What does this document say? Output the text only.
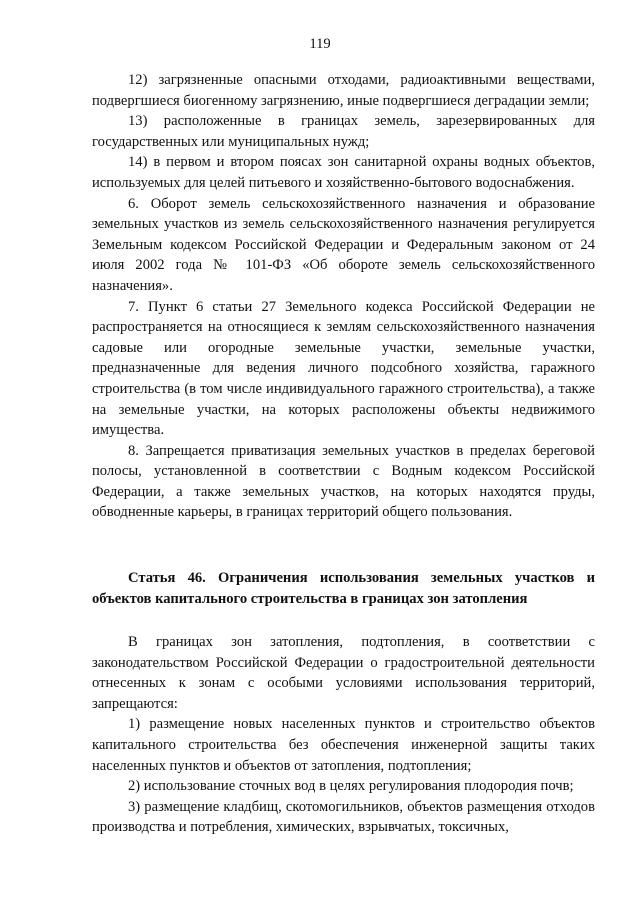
119

12) загрязненные опасными отходами, радиоактивными веществами, подвергшиеся биогенному загрязнению, иные подвергшиеся деградации земли;

13) расположенные в границах земель, зарезервированных для государственных или муниципальных нужд;

14) в первом и втором поясах зон санитарной охраны водных объектов, используемых для целей питьевого и хозяйственно-бытового водоснабжения.

6. Оборот земель сельскохозяйственного назначения и образование земельных участков из земель сельскохозяйственного назначения регулируется Земельным кодексом Российской Федерации и Федеральным законом от 24 июля 2002 года № 101-ФЗ «Об обороте земель сельскохозяйственного назначения».

7. Пункт 6 статьи 27 Земельного кодекса Российской Федерации не распространяется на относящиеся к землям сельскохозяйственного назначения садовые или огородные земельные участки, земельные участки, предназначенные для ведения личного подсобного хозяйства, гаражного строительства (в том числе индивидуального гаражного строительства), а также на земельные участки, на которых расположены объекты недвижимого имущества.

8. Запрещается приватизация земельных участков в пределах береговой полосы, установленной в соответствии с Водным кодексом Российской Федерации, а также земельных участков, на которых находятся пруды, обводненные карьеры, в границах территорий общего пользования.

Статья 46. Ограничения использования земельных участков и объектов капитального строительства в границах зон затопления

В границах зон затопления, подтопления, в соответствии с законодательством Российской Федерации о градостроительной деятельности отнесенных к зонам с особыми условиями использования территорий, запрещаются:

1) размещение новых населенных пунктов и строительство объектов капитального строительства без обеспечения инженерной защиты таких населенных пунктов и объектов от затопления, подтопления;

2) использование сточных вод в целях регулирования плодородия почв;

3) размещение кладбищ, скотомогильников, объектов размещения отходов производства и потребления, химических, взрывчатых, токсичных,
